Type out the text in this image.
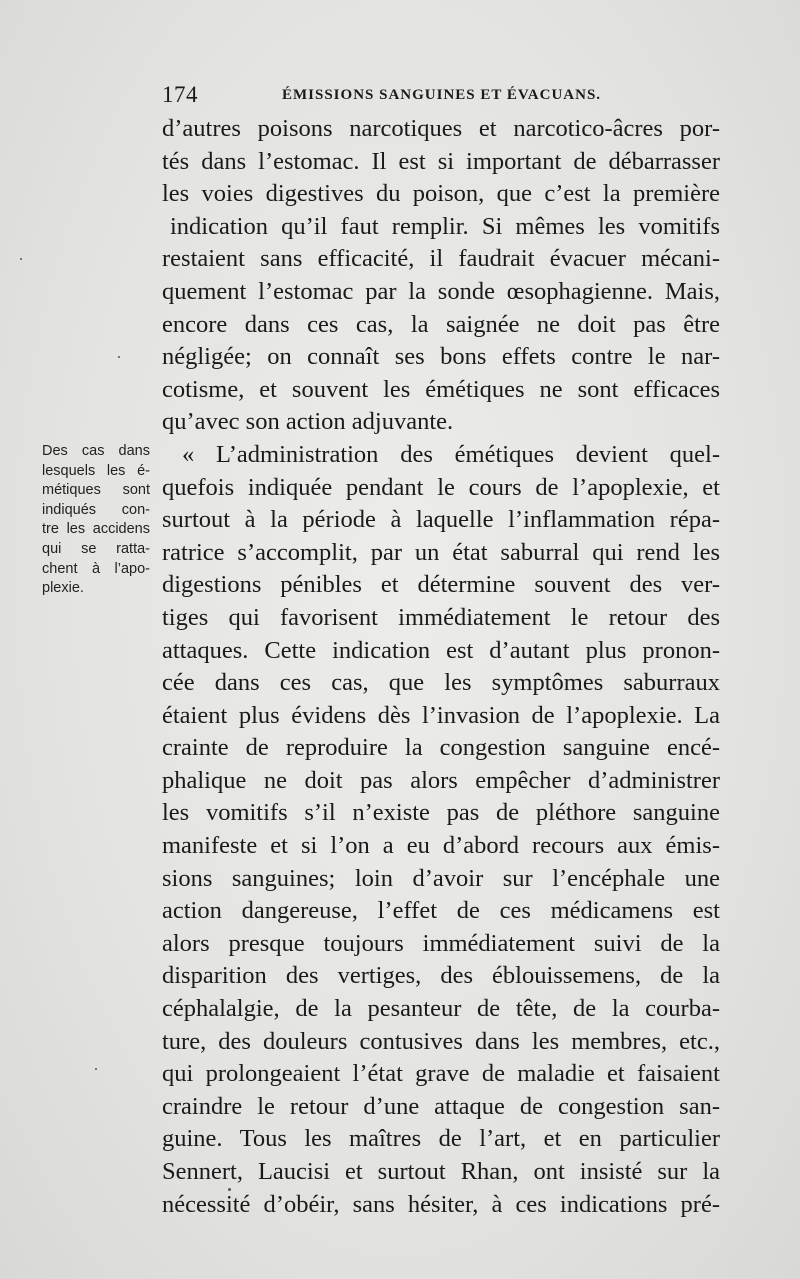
174	ÉMISSIONS SANGUINES ET ÉVACUANS.
d’autres poisons narcotiques et narcotico-âcres por-
tés dans l’estomac. Il est si important de débarrasser
les voies digestives du poison, que c’est la première
indication qu’il faut remplir. Si mêmes les vomitifs
restaient sans efficacité, il faudrait évacuer mécani-
quement l’estomac par la sonde œsophagienne. Mais,
encore dans ces cas, la saignée ne doit pas être
négligée; on connaît ses bons effets contre le nar-
cotisme, et souvent les émétiques ne sont efficaces
qu’avec son action adjuvante.
« L’administration des émétiques devient quel-
quefois indiquée pendant le cours de l’apoplexie, et
surtout à la période à laquelle l’inflammation répa-
ratrice s’accomplit, par un état saburral qui rend les
digestions pénibles et détermine souvent des ver-
tiges qui favorisent immédiatement le retour des
attaques. Cette indication est d’autant plus pronon-
cée dans ces cas, que les symptômes saburraux
étaient plus évidens dès l’invasion de l’apoplexie. La
crainte de reproduire la congestion sanguine encé-
phalique ne doit pas alors empêcher d’administrer
les vomitifs s’il n’existe pas de pléthore sanguine
manifeste et si l’on a eu d’abord recours aux émis-
sions sanguines; loin d’avoir sur l’encéphale une
action dangereuse, l’effet de ces médicamens est
alors presque toujours immédiatement suivi de la
disparition des vertiges, des éblouissemens, de la
céphalalgie, de la pesanteur de tête, de la courba-
ture, des douleurs contusives dans les membres, etc.,
qui prolongeaient l’état grave de maladie et faisaient
craindre le retour d’une attaque de congestion san-
guine. Tous les maîtres de l’art, et en particulier
Sennert, Laucisi et surtout Rhan, ont insisté sur la
nécessité d’obéir, sans hésiter, à ces indications pré-
Des cas dans
lesquels les é-
métiques sont
indiqués con-
tre les accidens
qui se ratta-
chent à l’apo-
plexie.
